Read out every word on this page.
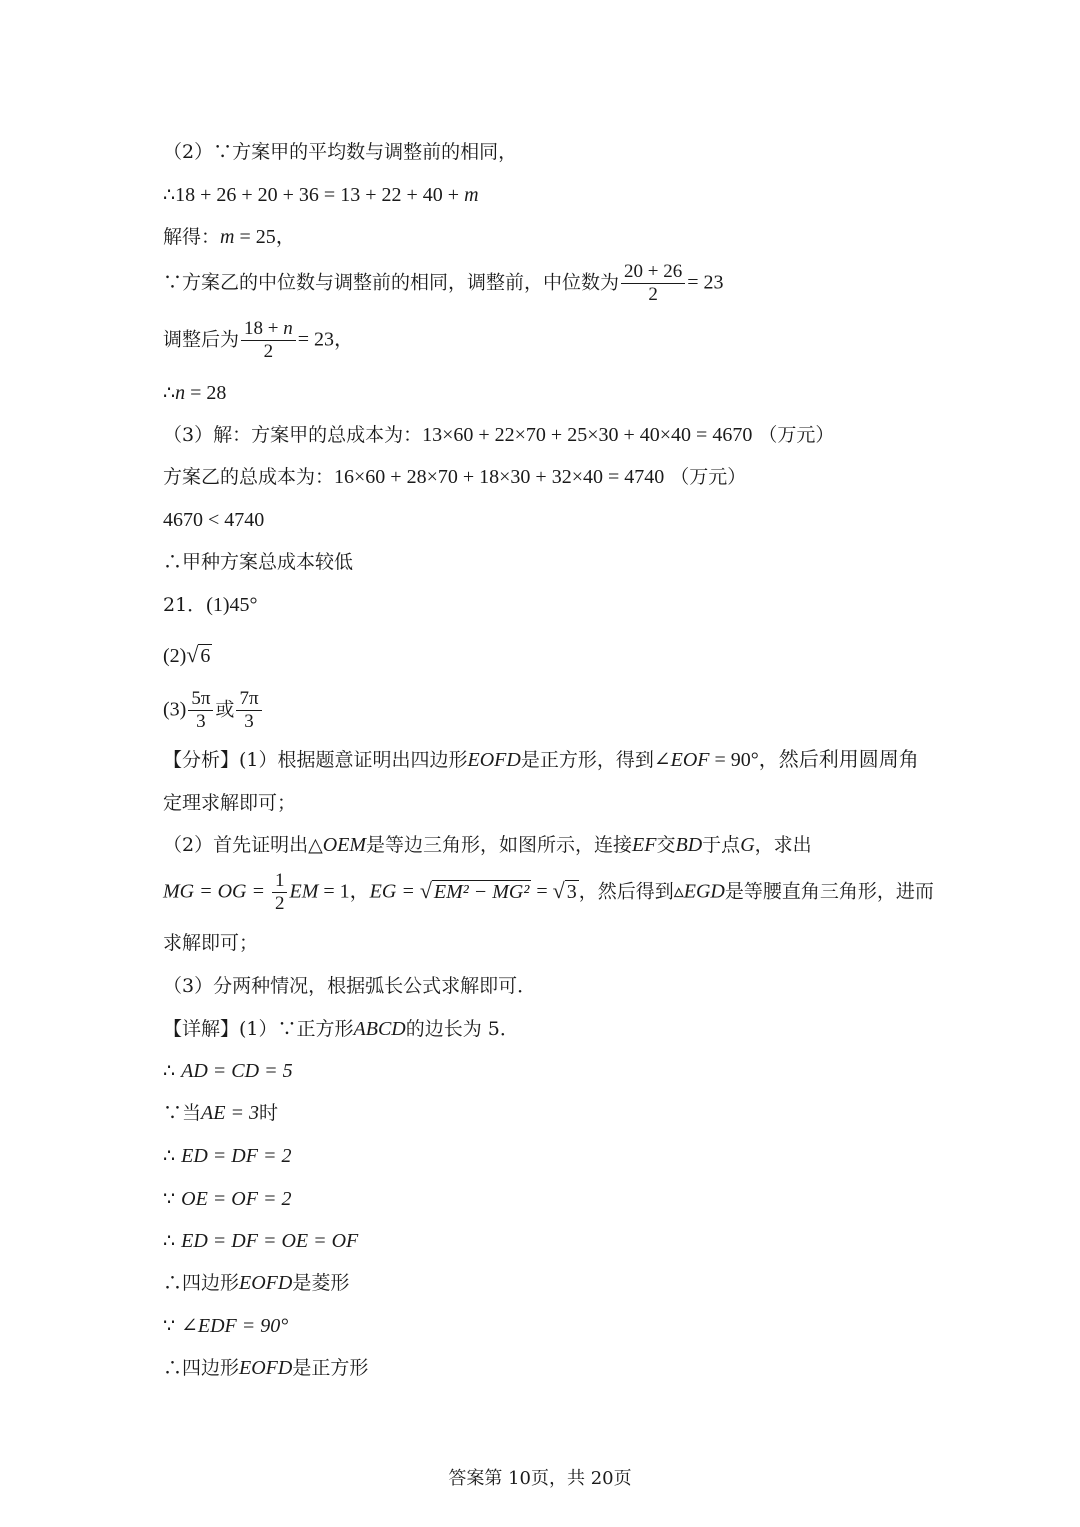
（2）∵方案甲的平均数与调整前的相同，
∴18 + 26 + 20 + 36 = 13 + 22 + 40 + m
解得：m = 25，
∵方案乙的中位数与调整前的相同，调整前，中位数为 $\frac{20 + 26}{2} = 23$
调整后为 $\frac{18 + n}{2} = 23$，
∴n = 28
（3）解：方案甲的总成本为：13×60 + 22×70 + 25×30 + 40×40 = 4670 （万元）
方案乙的总成本为：16×60 + 28×70 + 18×30 + 32×40 = 4740 （万元）
4670 < 4740
∴甲种方案总成本较低
21．(1)45°
(2)√ 6
$(3) \frac{5\pi}{3}$ 或 $\frac{7\pi}{3}$
【分析】(1）根据题意证明出四边形EOFD是正方形，得到∠EOF = 90°，然后利用圆周角
定理求解即可；
（2）首先证明出△OEM是等边三角形，如图所示，连接EF交BD于点G，求出
MG = OG = $\frac{1}{2}$ EM = 1，EG = √ EM² − MG² = √ 3 ，然后得到▵EGD是等腰直角三角形，进而
求解即可；
（3）分两种情况，根据弧长公式求解即可．
【详解】(1）∵正方形ABCD的边长为 5．
∴ AD = CD = 5
∵当AE = 3时
∴ ED = DF = 2
∵ OE = OF = 2
∴ ED = DF = OE = OF
∴四边形EOFD是菱形
∵ ∠EDF = 90°
∴四边形EOFD是正方形
答案第 10页，共 20页
